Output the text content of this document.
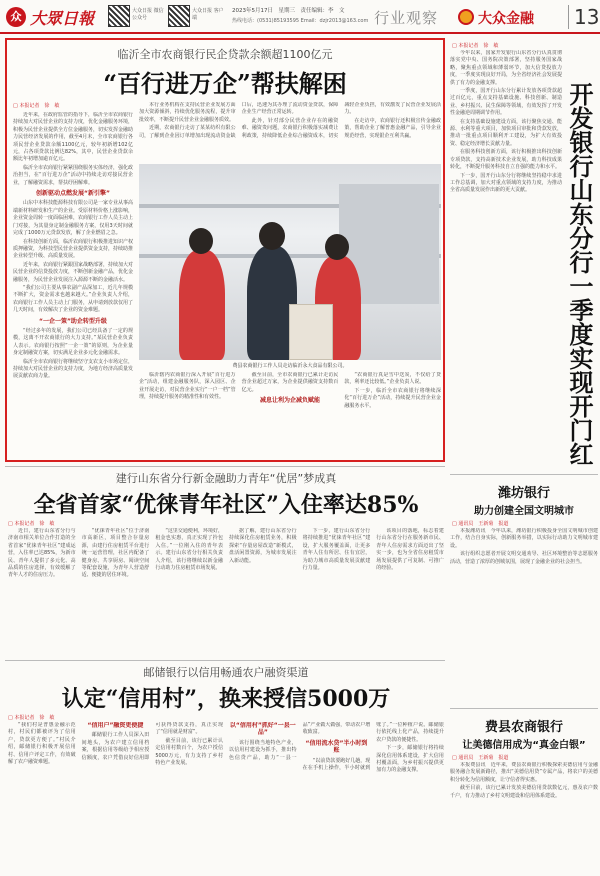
众 大眾日報	大众日报 微信公众号
大众日报 客户端
2023年5月17日　星期三　责任编辑：李　文
热线电话：(0531)85193595 Email：dzjr2013@163.com 行业观察	大众金融	13
临沂全市农商银行民企贷款余额超1100亿元
“百行进万企”帮扶解困
□ 本报记者　徐　敏

近年来，在政府监管的指导下，临沂全市农商银行持续加大对民营企业的支持力度，优化金融服务环境，积极为民营企业提供全方位金融服务，切实发挥金融助力民营经济发展的作用，截至4月末，全市农商银行各项民营企业贷款余额1100亿元，较年初新增102亿元，占各项贷款比例达82%，其中，民营企业贷款余额比年初增加逾百亿元。

临沂全市农商银行紧紧围绕服务实体经济，强化政治担当，在“百行进万企”活动中持续走访对接民营企业，了解融资需求，帮扶纾困解难。

创新驱动点燃发展“新引擎”

山东中本科技能源科技有限公司是一家专业从事高端新材料研发和生产的企业。受原材料价格上涨影响，企业资金周转一度面临困难，农商银行工作人员主动上门对接，为其量身定制金融服务方案，仅用3天时间就完成了1000万元贷款发放，解了企业燃眉之急。

在科技创新方面，临沂农商银行积极推进知识产权质押融资，为科技型民营企业提供资金支持，持续助推企业转型升级、高质量发展。

近年来，农商银行紧跟国家战略部署，持续加大对民营企业的信贷投放力度，不断创新金融产品，优化金融服务，为民营企业发展注入源源不断的金融活水。

“我们公司主要从事农副产品深加工，近几年规模不断扩大，资金需求也越来越大。”企业负责人介绍，农商银行工作人员主动上门服务，从申请到放款仅用了几天时间，有效解决了企业的资金难题。

“一企一策”助企转型升级

“经过多年的发展，我们公司已经具备了一定的规模，这离不开农商银行的大力支持。”某民营企业负责人表示。农商银行按照“一企一策”的原则，为企业量身定制融资方案，切实满足企业多元化金融需求。

临沂全市农商银行将继续坚守支农支小市场定位，持续加大对民营企业的支持力度，为地方经济高质量发展贡献农商力量。

本行业务机构在支持民营企业发展方面加大资源倾斜，持续优化服务流程，提升审批效率，不断提升民营企业金融服务质效。

近期，农商银行走访了某某纺织有限公司，了解到企业因订单增加出现流动资金缺口后，迅速为其办理了流动资金贷款，保障企业生产经营正常运转。

此外，针对部分民营企业存在的融资难、融资贵问题，农商银行积极落实减费让利政策，持续降低企业综合融资成本，切实减轻企业负担，有效激发了民营企业发展活力。

在走访中，农商银行还积极宣传金融政策，帮助企业了解普惠金融产品，引导企业规范经营，实现银企互利共赢。

费县农商银行工作人员走访临沂永大食品有限公司。

临沂辖内农商银行深入开展“百行进万企”活动，组建金融服务队，深入园区、企业开展走访，对民营企业实行“一户一档”管理，持续提升服务的精准性和有效性。

截至目前，全市农商银行已累计走访民营企业超过万家，为企业提供融资支持数百亿元。

减息让利为企减负赋能

“农商银行真是雪中送炭，不仅给了贷款，利率还比较低。”企业负责人说。

下一步，临沂全市农商银行将继续深化“百行进万企”活动，持续提升民营企业金融服务水平。

建行山东省分行新金融助力青年“优居”梦成真
全省首家“优徕青年社区”入住率达85%
□ 本报记者　徐　敏

近日，建行山东省分行与济南市相关单位合作打造的全省首家“优徕青年社区”建成运营，入住率已达85%，为新市民、青年人提供了多元化、高品质的住房选择，有效缓解了青年人才的住房压力。

“优徕青年社区”位于济南市高新区，项目整合存量房源，由建行住房租赁平台进行统一运营管理，社区内配备了健身房、共享厨房、阅读空间等配套设施，为青年人营造舒适、便捷的居住环境。

“这里交通便利，环境好，租金也实惠，真正实现了拎包入住。”一位刚入住的青年表示。建行山东省分行相关负责人介绍，该行将继续以新金融行动助力住房租赁市场发展。

据了解，建行山东省分行持续深化住房租赁业务，积极探索“存量房屋改造”新模式，盘活闲置资源，为城市发展注入新动能。

下一步，建行山东省分行将持续推进“优徕青年社区”建设，扩大服务覆盖面，让更多青年人住有所居、住有宜居，为助力城市高质量发展贡献建行力量。

该项目的落地，标志着建行山东省分行在服务新市民、青年人住房需求方面迈出了坚实一步，也为全省住房租赁市场发展提供了可复制、可推广的经验。

邮储银行以信用畅通农户融资渠道
认定“信用村”，换来授信5000万
□ 本报记者　徐　敏

“我们村是普惠金融示范村，村民们都被评为了信用户，贷款更方便了。”村民介绍，邮储银行积极开展信用村、信用户评定工作，有效破解了农户融资难题。

“信用户”融资更便捷

邮储银行工作人员深入田间地头，为农户建立信用档案，根据信用等级给予相应授信额度，农户凭借良好信用即可获得贷款支持，真正实现了“信用就是财富”。

截至目前，该行已累计认定信用村数百个，为农户授信5000万元，有力支持了乡村特色产业发展。

以“信用村”抓好“一县一品”

该行围绕当地特色产业，以信用村建设为抓手，推出特色信贷产品，助力“一县一品”产业做大做强，带动农户增收致富。

“信用流水贷”半小时到账

“以前贷款要跑好几趟，现在在手机上操作，半小时就到账了。”一位种植户说。邮储银行依托线上化产品，持续提升农户贷款的便捷性。

下一步，邮储银行将持续深化信用体系建设，扩大信用村覆盖面，为乡村振兴提供更加有力的金融支撑。

□ 本报记者　徐　敏

今年以来，国家开发银行山东省分行认真贯彻落实党中央、国务院决策部署，坚持服务国家战略，聚焦重点领域和薄弱环节，加大信贷投放力度，一季度实现良好开局，为全省经济社会发展提供了有力的金融支撑。

一季度，国开行山东分行累计发放各项贷款超过百亿元，重点支持基础设施、科技创新、制造业、乡村振兴、民生保障等领域，有效发挥了开发性金融逆周期调节作用。

在支持基础设施建设方面，该行聚焦交通、能源、水利等重大项目，加快项目审批和贷款发放，推动一批重点项目顺利开工建设，为扩大有效投资、稳定经济增长贡献力量。

在服务科技创新方面，该行积极推出科技创新专项贷款，支持高新技术企业发展，助力科技成果转化，不断提升服务科技自立自强的能力和水平。

下一步，国开行山东分行将继续坚持稳中求进工作总基调，加大对重点领域的支持力度，为推动全省高质量发展作出新的更大贡献。	开发银行山东分行一季度实现开门红
潍坊银行
助力创建全国文明城市
□ 通讯员　王新菊　报道

本报潍坊讯　今年以来，潍坊银行积极投身全国文明城市创建工作，结合自身实际，创新服务举措，以实际行动助力文明城市建设。

该行组织志愿者开展文明交通劝导、社区环境整治等志愿服务活动，营造了浓厚的创城氛围，展现了金融企业的社会担当。

费县农商银行
让美德信用成为“真金白银”
□ 通讯员　王新菊　报道

本报费县讯　近年来，费县农商银行积极探索美德信用与金融服务融合发展新路径，推出“美德信用贷”专属产品，将农户的美德积分转化为信用额度，让守信者得实惠。

截至目前，该行已累计发放美德信用贷款数亿元，惠及农户数千户，有力推动了乡村文明建设和信用体系建设。
